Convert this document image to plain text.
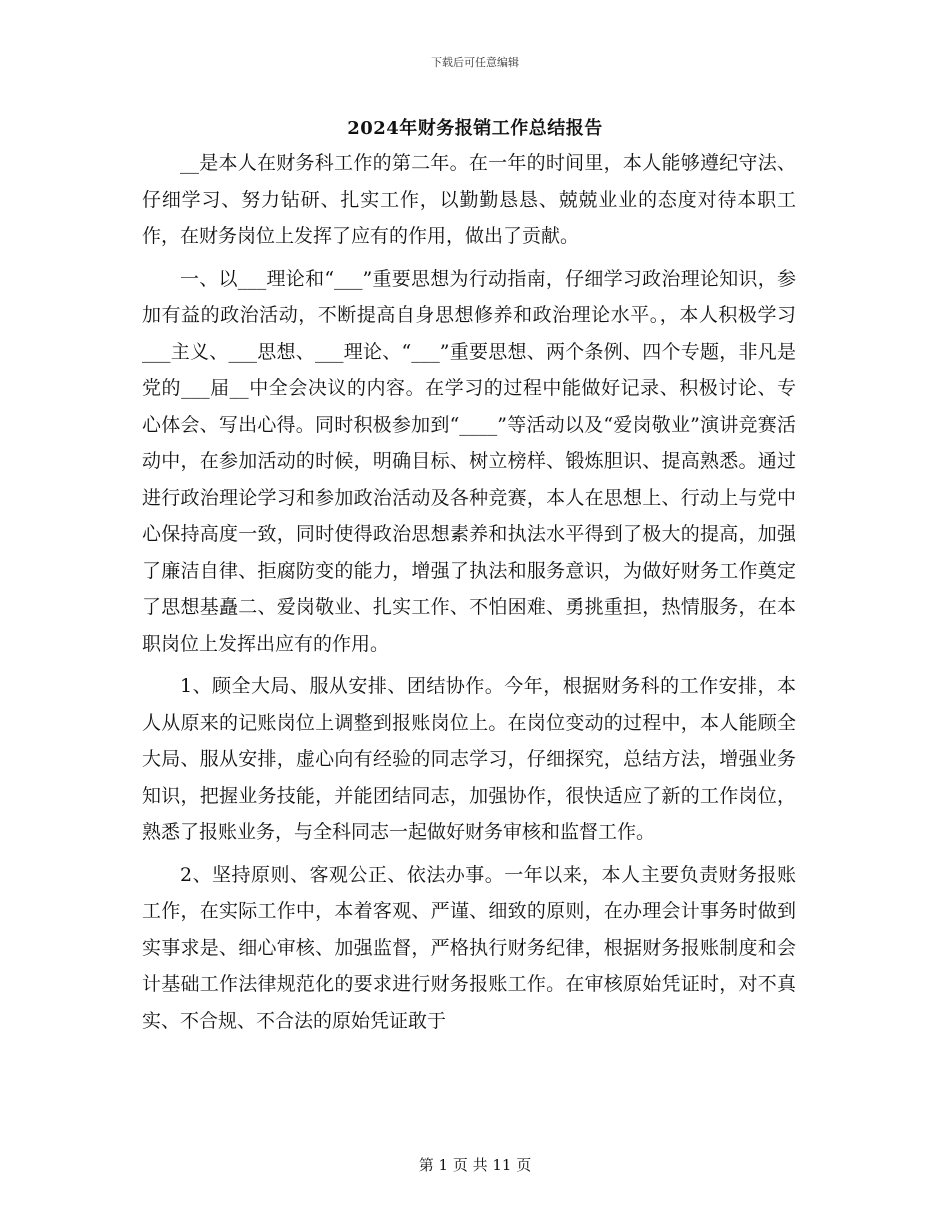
下载后可任意编辑
2024年财务报销工作总结报告

__是本人在财务科工作的第二年。在一年的时间里，本人能够遵纪守法、仔细学习、努力钻研、扎实工作，以勤勤恳恳、兢兢业业的态度对待本职工作，在财务岗位上发挥了应有的作用，做出了贡献。

一、以___理论和“___”重要思想为行动指南，仔细学习政治理论知识，参加有益的政治活动，不断提高自身思想修养和政治理论水平。，本人积极学习___主义、___思想、___理论、“___”重要思想、两个条例、四个专题，非凡是党的___届__中全会决议的内容。在学习的过程中能做好记录、积极讨论、专心体会、写出心得。同时积极参加到“____”等活动以及“爱岗敬业”演讲竞赛活动中，在参加活动的时候，明确目标、树立榜样、锻炼胆识、提高熟悉。通过进行政治理论学习和参加政治活动及各种竞赛，本人在思想上、行动上与党中心保持高度一致，同时使得政治思想素养和执法水平得到了极大的提高，加强了廉洁自律、拒腐防变的能力，增强了执法和服务意识，为做好财务工作奠定了思想基矗二、爱岗敬业、扎实工作、不怕困难、勇挑重担，热情服务，在本职岗位上发挥出应有的作用。

1、顾全大局、服从安排、团结协作。今年，根据财务科的工作安排，本人从原来的记账岗位上调整到报账岗位上。在岗位变动的过程中，本人能顾全大局、服从安排，虚心向有经验的同志学习，仔细探究，总结方法，增强业务知识，把握业务技能，并能团结同志，加强协作，很快适应了新的工作岗位，熟悉了报账业务，与全科同志一起做好财务审核和监督工作。

2、坚持原则、客观公正、依法办事。一年以来，本人主要负责财务报账工作，在实际工作中，本着客观、严谨、细致的原则，在办理会计事务时做到实事求是、细心审核、加强监督，严格执行财务纪律，根据财务报账制度和会计基础工作法律规范化的要求进行财务报账工作。在审核原始凭证时，对不真实、不合规、不合法的原始凭证敢于

第 1 页 共 11 页
